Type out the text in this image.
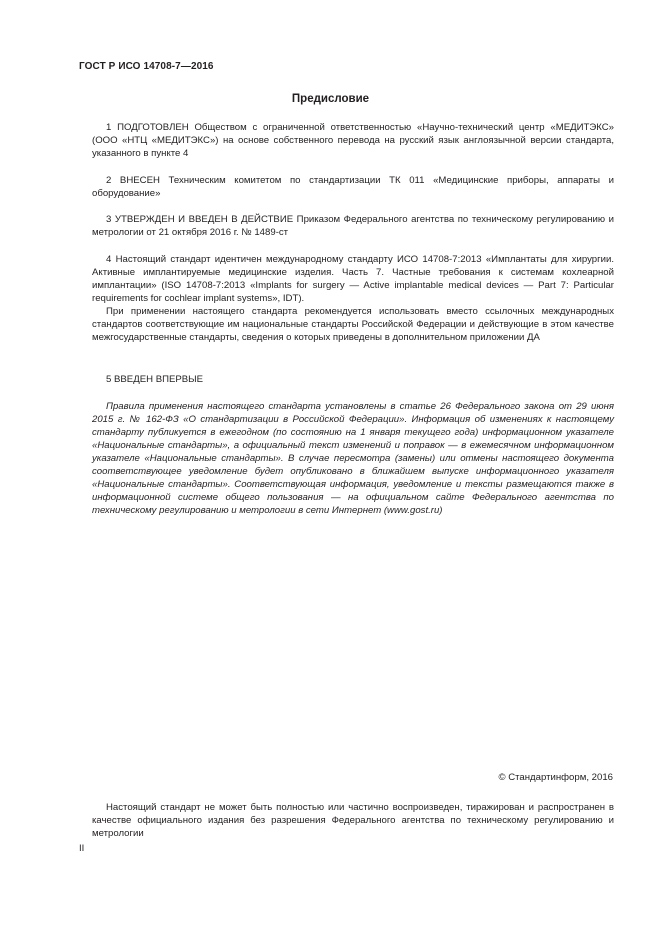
ГОСТ Р ИСО 14708-7—2016
Предисловие

1 ПОДГОТОВЛЕН Обществом с ограниченной ответственностью «Научно-технический центр «МЕДИТЭКС» (ООО «НТЦ «МЕДИТЭКС») на основе собственного перевода на русский язык англоязычной версии стандарта, указанного в пункте 4

2 ВНЕСЕН Техническим комитетом по стандартизации ТК 011 «Медицинские приборы, аппараты и оборудование»

3 УТВЕРЖДЕН И ВВЕДЕН В ДЕЙСТВИЕ Приказом Федерального агентства по техническому регулированию и метрологии от 21 октября 2016 г. № 1489-ст

4 Настоящий стандарт идентичен международному стандарту ИСО 14708-7:2013 «Имплантаты для хирургии. Активные имплантируемые медицинские изделия. Часть 7. Частные требования к системам кохлеарной имплантации» (ISO 14708-7:2013 «Implants for surgery — Active implantable medical devices — Part 7: Particular requirements for cochlear implant systems», IDT).

При применении настоящего стандарта рекомендуется использовать вместо ссылочных международных стандартов соответствующие им национальные стандарты Российской Федерации и действующие в этом качестве межгосударственные стандарты, сведения о которых приведены в дополнительном приложении ДА

5 ВВЕДЕН ВПЕРВЫЕ

Правила применения настоящего стандарта установлены в статье 26 Федерального закона от 29 июня 2015 г. № 162-ФЗ «О стандартизации в Российской Федерации». Информация об изменениях к настоящему стандарту публикуется в ежегодном (по состоянию на 1 января текущего года) информационном указателе «Национальные стандарты», а официальный текст изменений и поправок — в ежемесячном информационном указателе «Национальные стандарты». В случае пересмотра (замены) или отмены настоящего документа соответствующее уведомление будет опубликовано в ближайшем выпуске информационного указателя «Национальные стандарты». Соответствующая информация, уведомление и тексты размещаются также в информационной системе общего пользования — на официальном сайте Федерального агентства по техническому регулированию и метрологии в сети Интернет (www.gost.ru)

© Стандартинформ, 2016

Настоящий стандарт не может быть полностью или частично воспроизведен, тиражирован и распространен в качестве официального издания без разрешения Федерального агентства по техническому регулированию и метрологии

II
